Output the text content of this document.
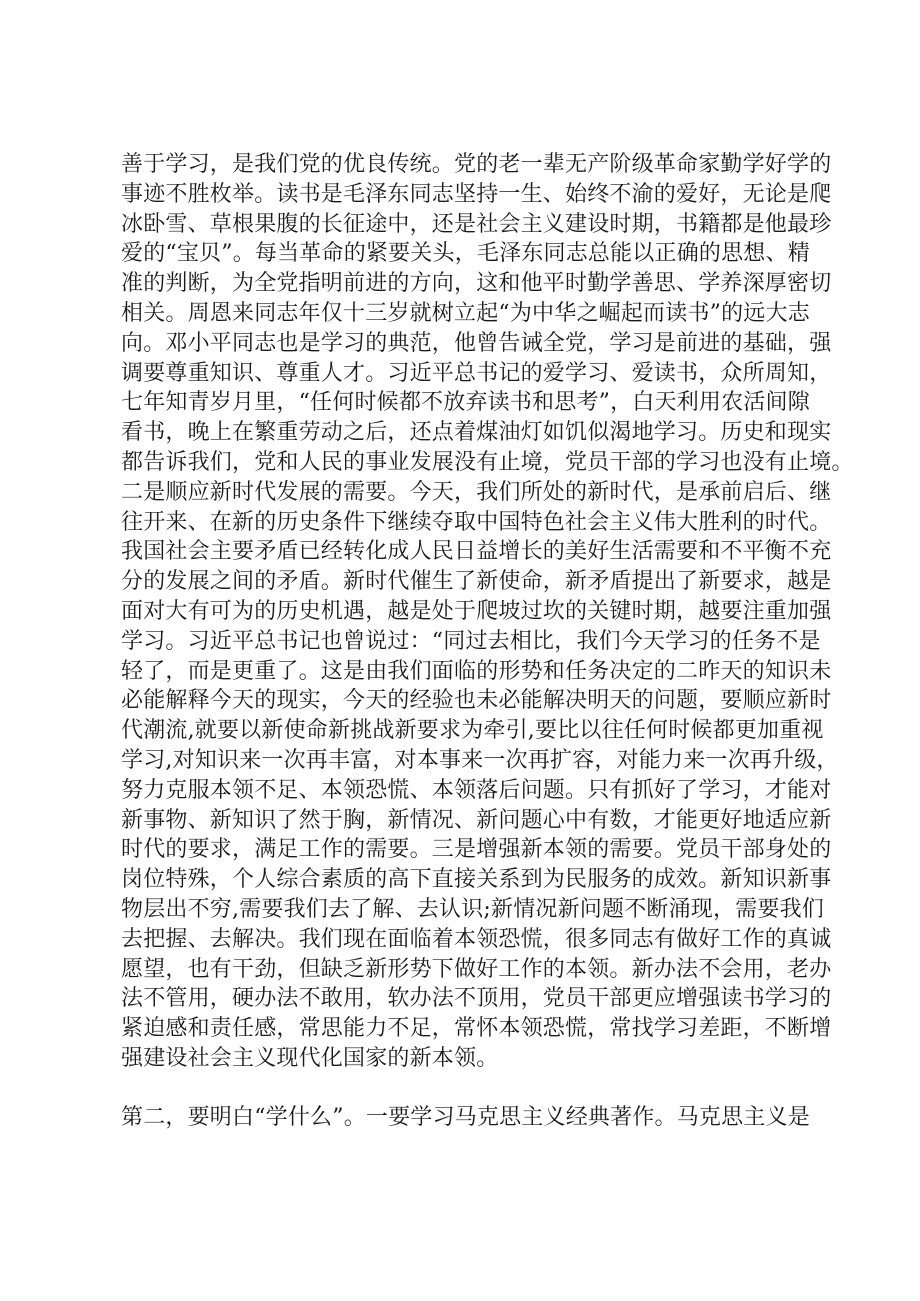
善于学习，是我们党的优良传统。党的老一辈无产阶级革命家勤学好学的
事迹不胜枚举。读书是毛泽东同志坚持一生、始终不渝的爱好，无论是爬
冰卧雪、草根果腹的长征途中，还是社会主义建设时期，书籍都是他最珍
爱的“宝贝”。每当革命的紧要关头，毛泽东同志总能以正确的思想、精
准的判断，为全党指明前进的方向，这和他平时勤学善思、学养深厚密切
相关。周恩来同志年仅十三岁就树立起“为中华之崛起而读书”的远大志
向。邓小平同志也是学习的典范，他曾告诫全党，学习是前进的基础，强
调要尊重知识、尊重人才。习近平总书记的爱学习、爱读书，众所周知，
七年知青岁月里，“任何时候都不放弃读书和思考”，白天利用农活间隙
看书，晚上在繁重劳动之后，还点着煤油灯如饥似渴地学习。历史和现实
都告诉我们，党和人民的事业发展没有止境，党员干部的学习也没有止境。
二是顺应新时代发展的需要。今天，我们所处的新时代，是承前启后、继
往开来、在新的历史条件下继续夺取中国特色社会主义伟大胜利的时代。
我国社会主要矛盾已经转化成人民日益增长的美好生活需要和不平衡不充
分的发展之间的矛盾。新时代催生了新使命，新矛盾提出了新要求，越是
面对大有可为的历史机遇，越是处于爬坡过坎的关键时期，越要注重加强
学习。习近平总书记也曾说过：“同过去相比，我们今天学习的任务不是
轻了，而是更重了。这是由我们面临的形势和任务决定的二昨天的知识未
必能解释今天的现实，今天的经验也未必能解决明天的问题，要顺应新时
代潮流,就要以新使命新挑战新要求为牵引,要比以往任何时候都更加重视
学习,对知识来一次再丰富，对本事来一次再扩容，对能力来一次再升级，
努力克服本领不足、本领恐慌、本领落后问题。只有抓好了学习，才能对
新事物、新知识了然于胸，新情况、新问题心中有数，才能更好地适应新
时代的要求，满足工作的需要。三是增强新本领的需要。党员干部身处的
岗位特殊，个人综合素质的高下直接关系到为民服务的成效。新知识新事
物层出不穷,需要我们去了解、去认识;新情况新问题不断涌现，需要我们
去把握、去解决。我们现在面临着本领恐慌，很多同志有做好工作的真诚
愿望，也有干劲，但缺乏新形势下做好工作的本领。新办法不会用，老办
法不管用，硬办法不敢用，软办法不顶用，党员干部更应增强读书学习的
紧迫感和责任感，常思能力不足，常怀本领恐慌，常找学习差距，不断增
强建设社会主义现代化国家的新本领。
第二，要明白“学什么”。一要学习马克思主义经典著作。马克思主义是
